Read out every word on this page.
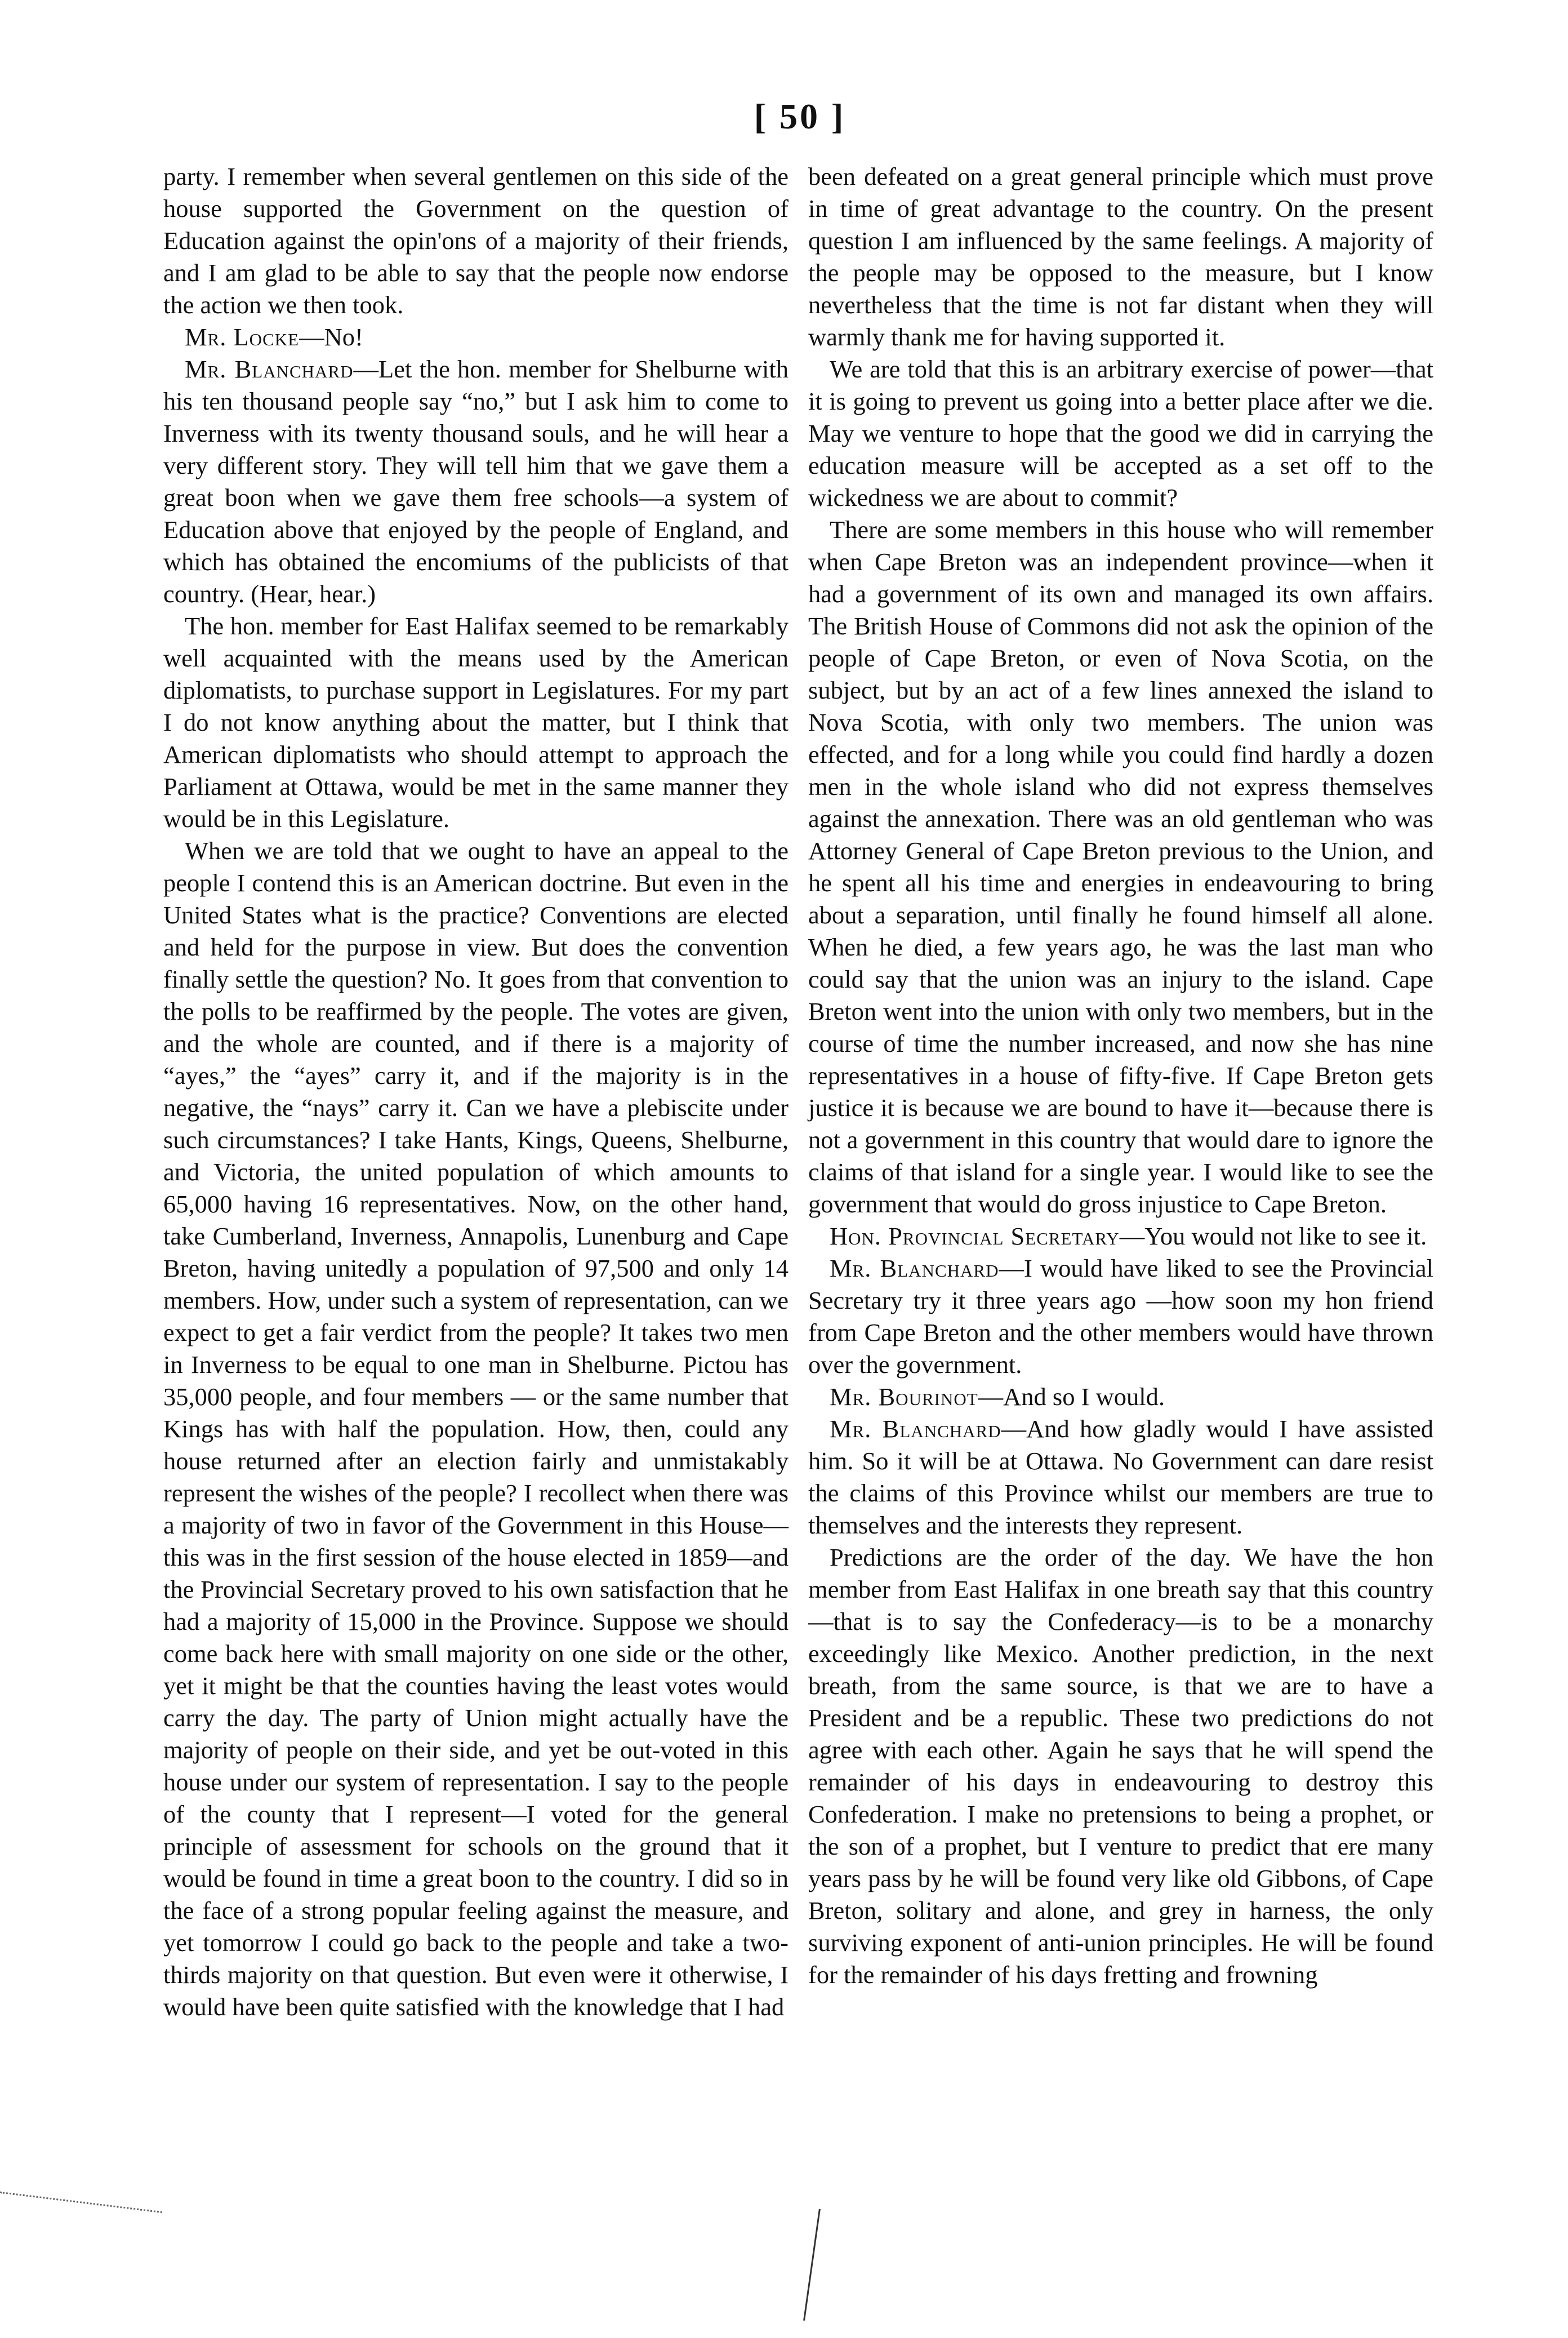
[ 50 ]

party. I remember when several gentlemen on this side of the house supported the Government on the question of Education against the opin'ons of a majority of their friends, and I am glad to be able to say that the people now endorse the action we then took.

Mr. Locke—No!

Mr. Blanchard—Let the hon. member for Shelburne with his ten thousand people say “no,” but I ask him to come to Inverness with its twenty thousand souls, and he will hear a very different story. They will tell him that we gave them a great boon when we gave them free schools—a system of Education above that enjoyed by the people of England, and which has obtained the encomiums of the publicists of that country. (Hear, hear.)

The hon. member for East Halifax seemed to be remarkably well acquainted with the means used by the American diplomatists, to purchase support in Legislatures. For my part I do not know anything about the matter, but I think that American diplomatists who should attempt to approach the Parliament at Ottawa, would be met in the same manner they would be in this Legislature.

When we are told that we ought to have an appeal to the people I contend this is an American doctrine. But even in the United States what is the practice? Conventions are elected and held for the purpose in view. But does the convention finally settle the question? No. It goes from that convention to the polls to be reaffirmed by the people. The votes are given, and the whole are counted, and if there is a majority of “ayes,” the “ayes” carry it, and if the majority is in the negative, the “nays” carry it. Can we have a plebiscite under such circumstances? I take Hants, Kings, Queens, Shelburne, and Victoria, the united population of which amounts to 65,000 having 16 representatives. Now, on the other hand, take Cumberland, Inverness, Annapolis, Lunenburg and Cape Breton, having unitedly a population of 97,500 and only 14 members. How, under such a system of representation, can we expect to get a fair verdict from the people? It takes two men in Inverness to be equal to one man in Shelburne. Pictou has 35,000 people, and four members — or the same number that Kings has with half the population. How, then, could any house returned after an election fairly and unmistakably represent the wishes of the people? I recollect when there was a majority of two in favor of the Government in this House—this was in the first session of the house elected in 1859—and the Provincial Secretary proved to his own satisfaction that he had a majority of 15,000 in the Province. Suppose we should come back here with small majority on one side or the other, yet it might be that the counties having the least votes would carry the day. The party of Union might actually have the majority of people on their side, and yet be out-voted in this house under our system of representation. I say to the people of the county that I represent—I voted for the general principle of assessment for schools on the ground that it would be found in time a great boon to the country. I did so in the face of a strong popular feeling against the measure, and yet tomorrow I could go back to the people and take a two-thirds majority on that question. But even were it otherwise, I would have been quite satisfied with the knowledge that I had

been defeated on a great general principle which must prove in time of great advantage to the country. On the present question I am influenced by the same feelings. A majority of the people may be opposed to the measure, but I know nevertheless that the time is not far distant when they will warmly thank me for having supported it.

We are told that this is an arbitrary exercise of power—that it is going to prevent us going into a better place after we die. May we venture to hope that the good we did in carrying the education measure will be accepted as a set off to the wickedness we are about to commit?

There are some members in this house who will remember when Cape Breton was an independent province—when it had a government of its own and managed its own affairs. The British House of Commons did not ask the opinion of the people of Cape Breton, or even of Nova Scotia, on the subject, but by an act of a few lines annexed the island to Nova Scotia, with only two members. The union was effected, and for a long while you could find hardly a dozen men in the whole island who did not express themselves against the annexation. There was an old gentleman who was Attorney General of Cape Breton previous to the Union, and he spent all his time and energies in endeavouring to bring about a separation, until finally he found himself all alone. When he died, a few years ago, he was the last man who could say that the union was an injury to the island. Cape Breton went into the union with only two members, but in the course of time the number increased, and now she has nine representatives in a house of fifty-five. If Cape Breton gets justice it is because we are bound to have it—because there is not a government in this country that would dare to ignore the claims of that island for a single year. I would like to see the government that would do gross injustice to Cape Breton.

Hon. Provincial Secretary—You would not like to see it.

Mr. Blanchard—I would have liked to see the Provincial Secretary try it three years ago —how soon my hon friend from Cape Breton and the other members would have thrown over the government.

Mr. Bourinot—And so I would.

Mr. Blanchard—And how gladly would I have assisted him. So it will be at Ottawa. No Government can dare resist the claims of this Province whilst our members are true to themselves and the interests they represent.

Predictions are the order of the day. We have the hon member from East Halifax in one breath say that this country—that is to say the Confederacy—is to be a monarchy exceedingly like Mexico. Another prediction, in the next breath, from the same source, is that we are to have a President and be a republic. These two predictions do not agree with each other. Again he says that he will spend the remainder of his days in endeavouring to destroy this Confederation. I make no pretensions to being a prophet, or the son of a prophet, but I venture to predict that ere many years pass by he will be found very like old Gibbons, of Cape Breton, solitary and alone, and grey in harness, the only surviving exponent of anti-union principles. He will be found for the remainder of his days fretting and frowning
